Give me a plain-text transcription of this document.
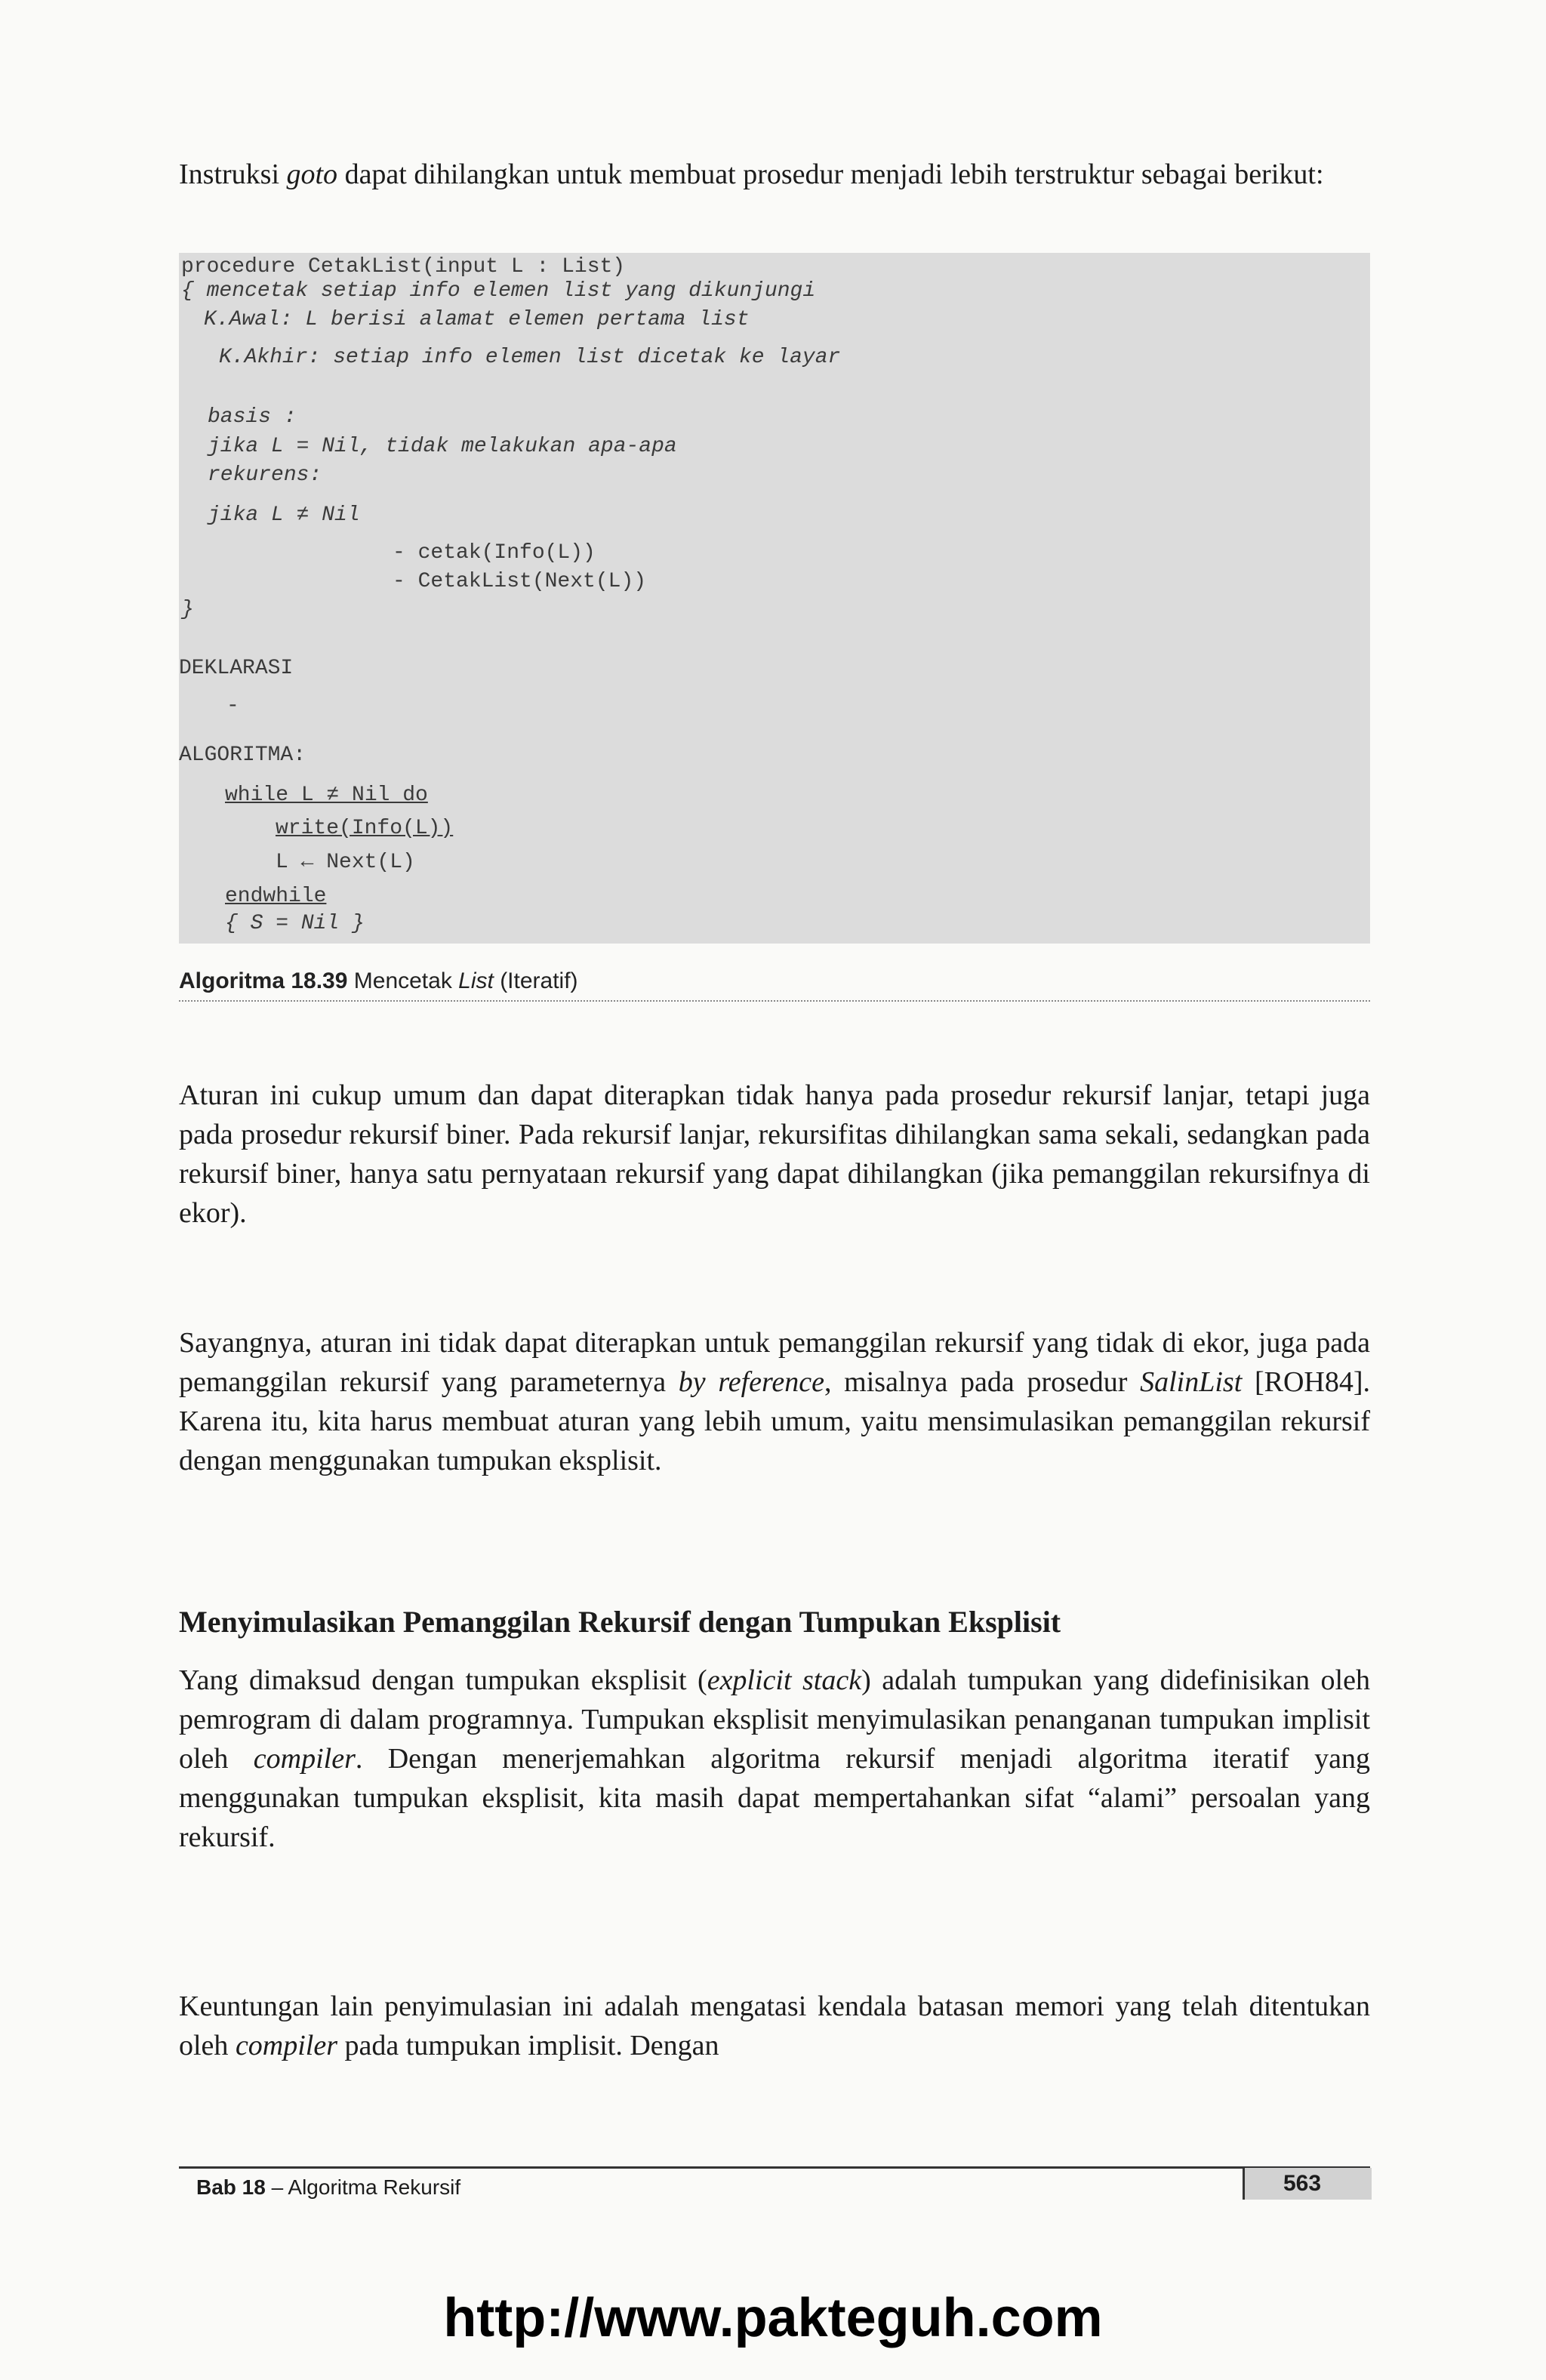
Instruksi goto dapat dihilangkan untuk membuat prosedur menjadi lebih terstruktur sebagai berikut:
procedure CetakList(input L : List)
{ mencetak setiap info elemen list yang dikunjungi
K.Awal: L berisi alamat elemen pertama list
K.Akhir: setiap info elemen list dicetak ke layar
basis :
jika L = Nil, tidak melakukan apa-apa
rekurens:
jika L ≠ Nil
- cetak(Info(L))
- CetakList(Next(L))
}
DEKLARASI
-
ALGORITMA:
while L ≠ Nil do
write(Info(L))
L ← Next(L)
endwhile
{ S = Nil }
Algoritma 18.39 Mencetak List (Iteratif)
Aturan ini cukup umum dan dapat diterapkan tidak hanya pada prosedur rekursif lanjar, tetapi juga pada prosedur rekursif biner. Pada rekursif lanjar, rekursifitas dihilangkan sama sekali, sedangkan pada rekursif biner, hanya satu pernyataan rekursif yang dapat dihilangkan (jika pemanggilan rekursifnya di ekor).
Sayangnya, aturan ini tidak dapat diterapkan untuk pemanggilan rekursif yang tidak di ekor, juga pada pemanggilan rekursif yang parameternya by reference, misalnya pada prosedur SalinList [ROH84]. Karena itu, kita harus membuat aturan yang lebih umum, yaitu mensimulasikan pemanggilan rekursif dengan menggunakan tumpukan eksplisit.
Menyimulasikan Pemanggilan Rekursif dengan Tumpukan Eksplisit
Yang dimaksud dengan tumpukan eksplisit (explicit stack) adalah tumpukan yang didefinisikan oleh pemrogram di dalam programnya. Tumpukan eksplisit menyimulasikan penanganan tumpukan implisit oleh compiler. Dengan menerjemahkan algoritma rekursif menjadi algoritma iteratif yang menggunakan tumpukan eksplisit, kita masih dapat mempertahankan sifat “alami” persoalan yang rekursif.
Keuntungan lain penyimulasian ini adalah mengatasi kendala batasan memori yang telah ditentukan oleh compiler pada tumpukan implisit. Dengan
Bab 18 – Algoritma Rekursif	563
http://www.pakteguh.com
